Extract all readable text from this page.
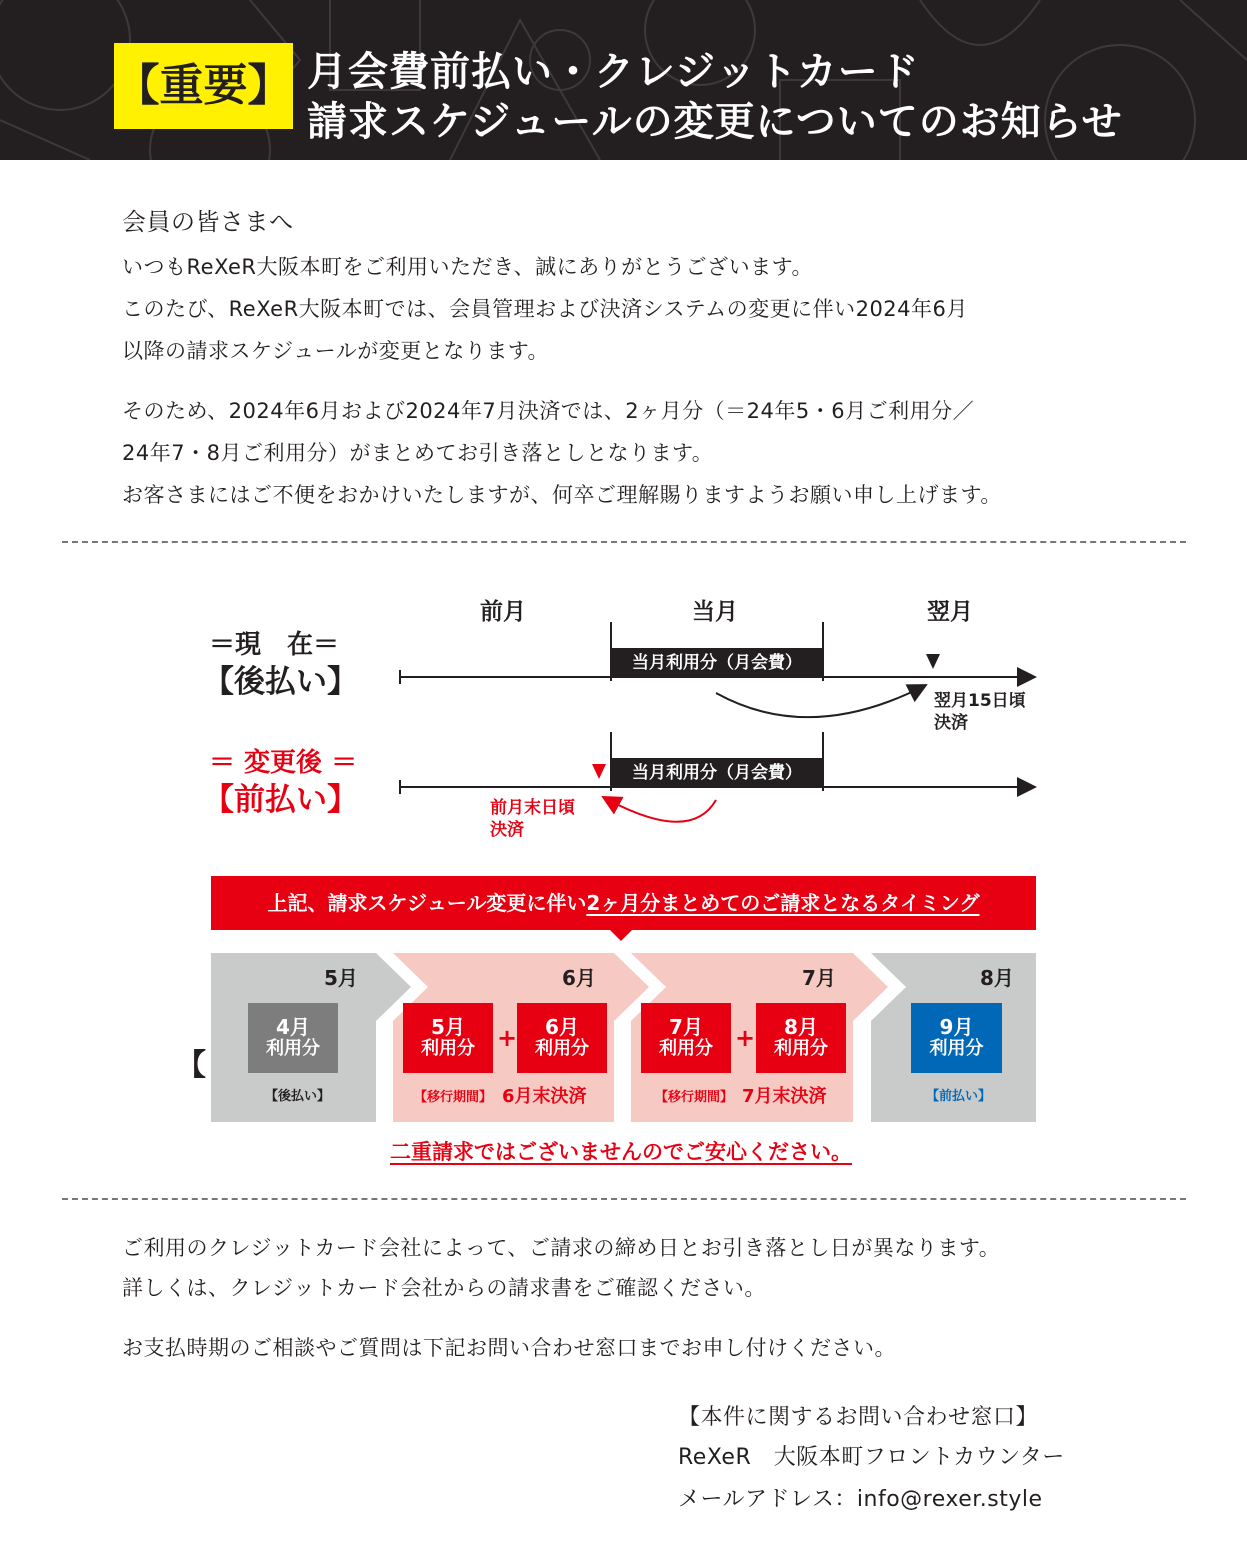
【重要】 月会費前払い・クレジットカード
請求スケジュールの変更についてのお知らせ
会員の皆さまへ
いつもReXeR大阪本町をご利用いただき、誠にありがとうございます。
このたび、ReXeR大阪本町では、会員管理および決済システムの変更に伴い2024年6月
以降の請求スケジュールが変更となります。
そのため、2024年6月および2024年7月決済では、2ヶ月分（＝24年5・6月ご利用分／
24年7・8月ご利用分）がまとめてお引き落としとなります。
お客さまにはご不便をおかけいたしますが、何卒ご理解賜りますようお願い申し上げます。
前月	当月	翌月
＝現　在＝
【後払い】
＝ 変更後 ＝
【前払い】
当月利用分（月会費）
当月利用分（月会費）
翌月15日頃
決済
前月末日頃
決済
上記、請求スケジュール変更に伴い2ヶ月分まとめてのご請求となるタイミング
【
5月
4月
利用分
【後払い】
6月
5月
利用分 + 6月
利用分
【移行期間】 6月末決済
7月
7月
利用分 + 8月
利用分
【移行期間】 7月末決済
8月
9月
利用分
【前払い】
二重請求ではございませんのでご安心ください。
ご利用のクレジットカード会社によって、ご請求の締め日とお引き落とし日が異なります。
詳しくは、クレジットカード会社からの請求書をご確認ください。
お支払時期のご相談やご質問は下記お問い合わせ窓口までお申し付けください。
【本件に関するお問い合わせ窓口】
ReXeR　大阪本町フロントカウンター
メールアドレス：info@rexer.style
